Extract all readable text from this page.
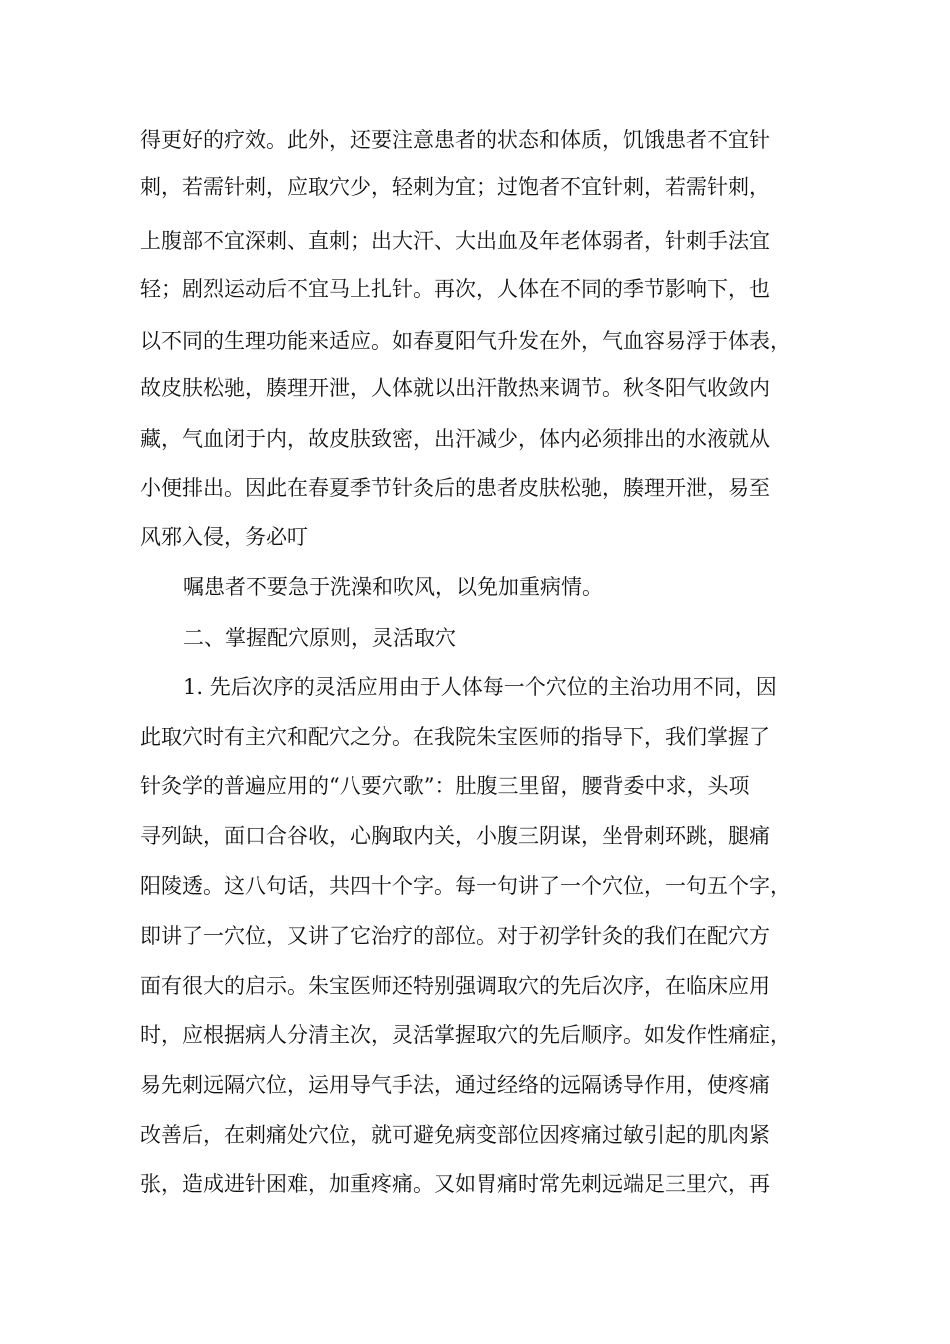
得更好的疗效。此外，还要注意患者的状态和体质，饥饿患者不宜针
刺，若需针刺，应取穴少，轻刺为宜；过饱者不宜针刺，若需针刺，
上腹部不宜深刺、直刺；出大汗、大出血及年老体弱者，针刺手法宜
轻；剧烈运动后不宜马上扎针。再次，人体在不同的季节影响下，也
以不同的生理功能来适应。如春夏阳气升发在外，气血容易浮于体表，
故皮肤松驰，腠理开泄，人体就以出汗散热来调节。秋冬阳气收敛内
藏，气血闭于内，故皮肤致密，出汗减少，体内必须排出的水液就从
小便排出。因此在春夏季节针灸后的患者皮肤松驰，腠理开泄，易至
风邪入侵，务必叮
嘱患者不要急于洗澡和吹风，以免加重病情。
二、掌握配穴原则，灵活取穴
1. 先后次序的灵活应用由于人体每一个穴位的主治功用不同，因
此取穴时有主穴和配穴之分。在我院朱宝医师的指导下，我们掌握了
针灸学的普遍应用的“八要穴歌”：肚腹三里留，腰背委中求，头项
寻列缺，面口合谷收，心胸取内关，小腹三阴谋，坐骨刺环跳，腿痛
阳陵透。这八句话，共四十个字。每一句讲了一个穴位，一句五个字，
即讲了一穴位，又讲了它治疗的部位。对于初学针灸的我们在配穴方
面有很大的启示。朱宝医师还特别强调取穴的先后次序，在临床应用
时，应根据病人分清主次，灵活掌握取穴的先后顺序。如发作性痛症，
易先刺远隔穴位，运用导气手法，通过经络的远隔诱导作用，使疼痛
改善后，在刺痛处穴位，就可避免病变部位因疼痛过敏引起的肌肉紧
张，造成进针困难，加重疼痛。又如胃痛时常先刺远端足三里穴，再
